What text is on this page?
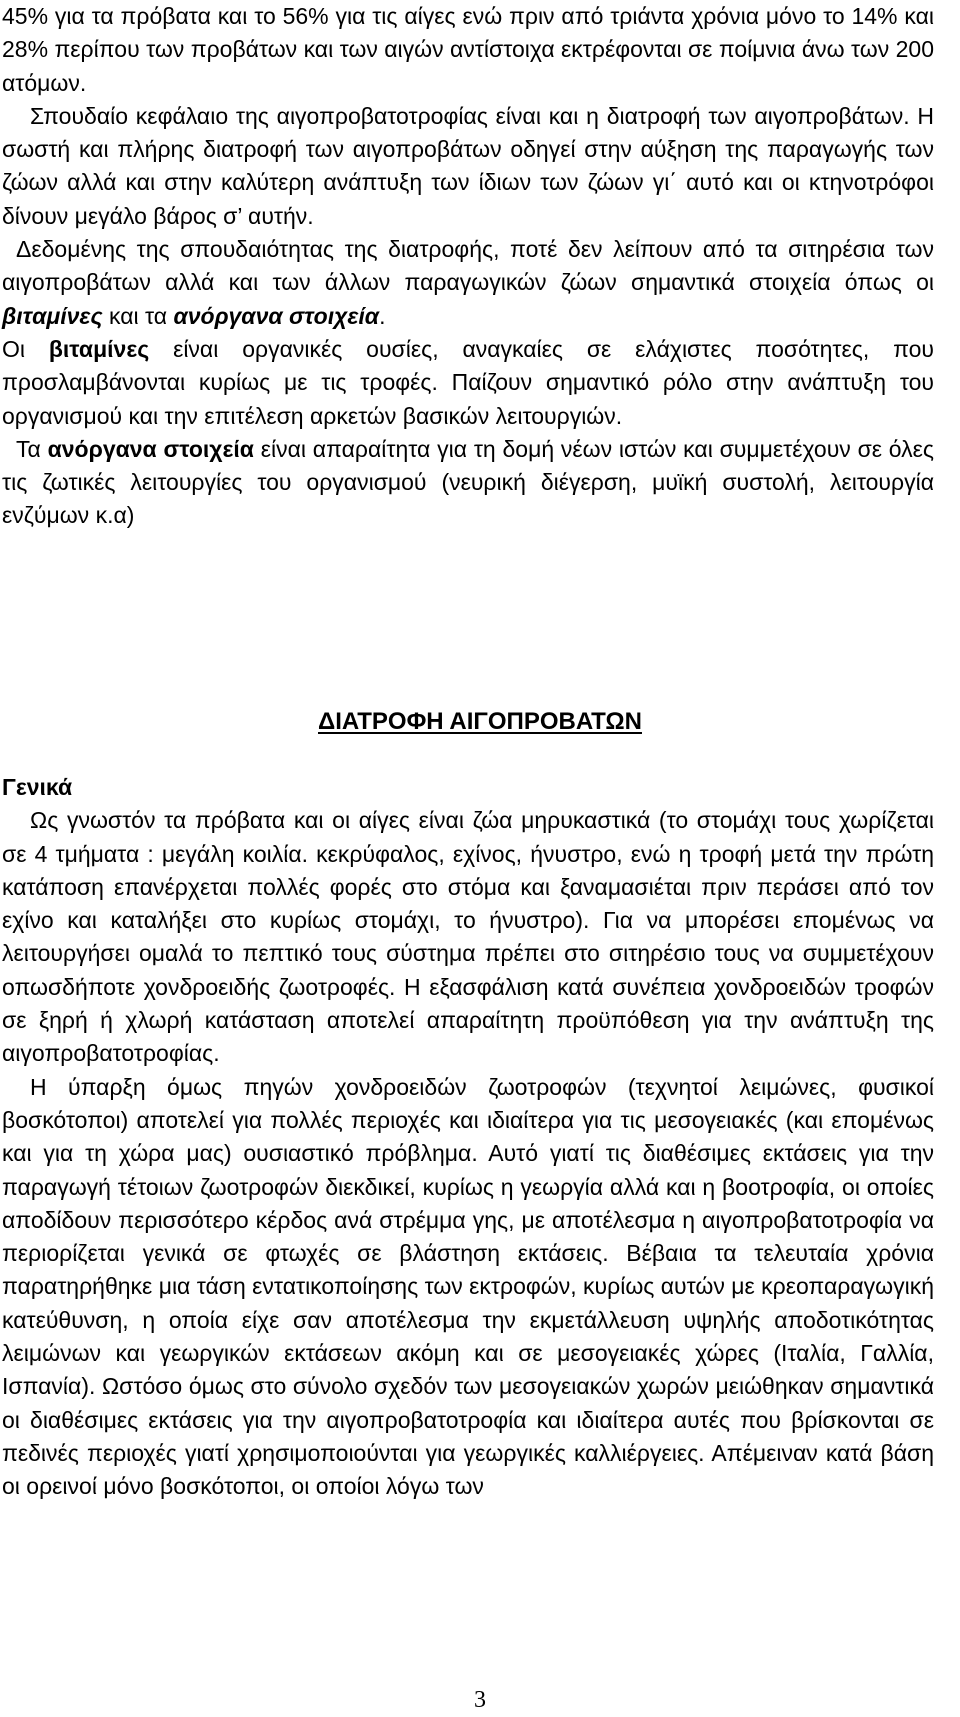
45% για τα πρόβατα και το 56% για τις αίγες ενώ πριν από τριάντα χρόνια μόνο το 14% και 28% περίπου των προβάτων και των αιγών αντίστοιχα εκτρέφονται σε ποίμνια άνω των 200 ατόμων.

Σπουδαίο κεφάλαιο της αιγοπροβατοτροφίας είναι και η διατροφή των αιγοπροβάτων. Η σωστή και πλήρης διατροφή των αιγοπροβάτων οδηγεί στην αύξηση της παραγωγής των ζώων αλλά και στην καλύτερη ανάπτυξη των ίδιων των ζώων γι΄ αυτό και οι κτηνοτρόφοι δίνουν μεγάλο βάρος σ’ αυτήν.

Δεδομένης της σπουδαιότητας της διατροφής, ποτέ δεν λείπουν από τα σιτηρέσια των αιγοπροβάτων αλλά και των άλλων παραγωγικών ζώων σημαντικά στοιχεία όπως οι βιταμίνες και τα ανόργανα στοιχεία.

Οι βιταμίνες είναι οργανικές ουσίες, αναγκαίες σε ελάχιστες ποσότητες, που προσλαμβάνονται κυρίως με τις τροφές. Παίζουν σημαντικό ρόλο στην ανάπτυξη του οργανισμού και την επιτέλεση αρκετών βασικών λειτουργιών.

Τα ανόργανα στοιχεία είναι απαραίτητα για τη δομή νέων ιστών και συμμετέχουν σε όλες τις ζωτικές λειτουργίες του οργανισμού (νευρική διέγερση, μυϊκή συστολή, λειτουργία ενζύμων κ.α)

ΔΙΑΤΡΟΦΗ ΑΙΓΟΠΡΟΒΑΤΩΝ

Γενικά

Ως γνωστόν τα πρόβατα και οι αίγες είναι ζώα μηρυκαστικά (το στομάχι τους χωρίζεται σε 4 τμήματα : μεγάλη κοιλία. κεκρύφαλος, εχίνος, ήνυστρο, ενώ η τροφή μετά την πρώτη κατάποση επανέρχεται πολλές φορές στο στόμα και ξαναμασιέται πριν περάσει από τον εχίνο και καταλήξει στο κυρίως στομάχι, το ήνυστρο). Για να μπορέσει επομένως να λειτουργήσει ομαλά το πεπτικό τους σύστημα πρέπει στο σιτηρέσιο τους να συμμετέχουν οπωσδήποτε χονδροειδής ζωοτροφές. Η εξασφάλιση κατά συνέπεια χονδροειδών τροφών σε ξηρή ή χλωρή κατάσταση αποτελεί απαραίτητη προϋπόθεση για την ανάπτυξη της αιγοπροβατοτροφίας.

Η ύπαρξη όμως πηγών χονδροειδών ζωοτροφών (τεχνητοί λειμώνες, φυσικοί βοσκότοποι) αποτελεί για πολλές περιοχές και ιδιαίτερα για τις μεσογειακές (και επομένως και για τη χώρα μας) ουσιαστικό πρόβλημα. Αυτό γιατί τις διαθέσιμες εκτάσεις για την παραγωγή τέτοιων ζωοτροφών διεκδικεί, κυρίως η γεωργία αλλά και η βοοτροφία, οι οποίες αποδίδουν περισσότερο κέρδος ανά στρέμμα γης, με αποτέλεσμα η αιγοπροβατοτροφία να περιορίζεται γενικά σε φτωχές σε βλάστηση εκτάσεις. Βέβαια τα τελευταία χρόνια παρατηρήθηκε μια τάση εντατικοποίησης των εκτροφών, κυρίως αυτών με κρεοπαραγωγική κατεύθυνση, η οποία είχε σαν αποτέλεσμα την εκμετάλλευση υψηλής αποδοτικότητας λειμώνων και γεωργικών εκτάσεων ακόμη και σε μεσογειακές χώρες (Ιταλία, Γαλλία, Ισπανία). Ωστόσο όμως στο σύνολο σχεδόν των μεσογειακών χωρών μειώθηκαν σημαντικά οι διαθέσιμες εκτάσεις για την αιγοπροβατοτροφία και ιδιαίτερα αυτές που βρίσκονται σε πεδινές περιοχές γιατί χρησιμοποιούνται για γεωργικές καλλιέργειες. Απέμειναν κατά βάση οι ορεινοί μόνο βοσκότοποι, οι οποίοι λόγω των

3
